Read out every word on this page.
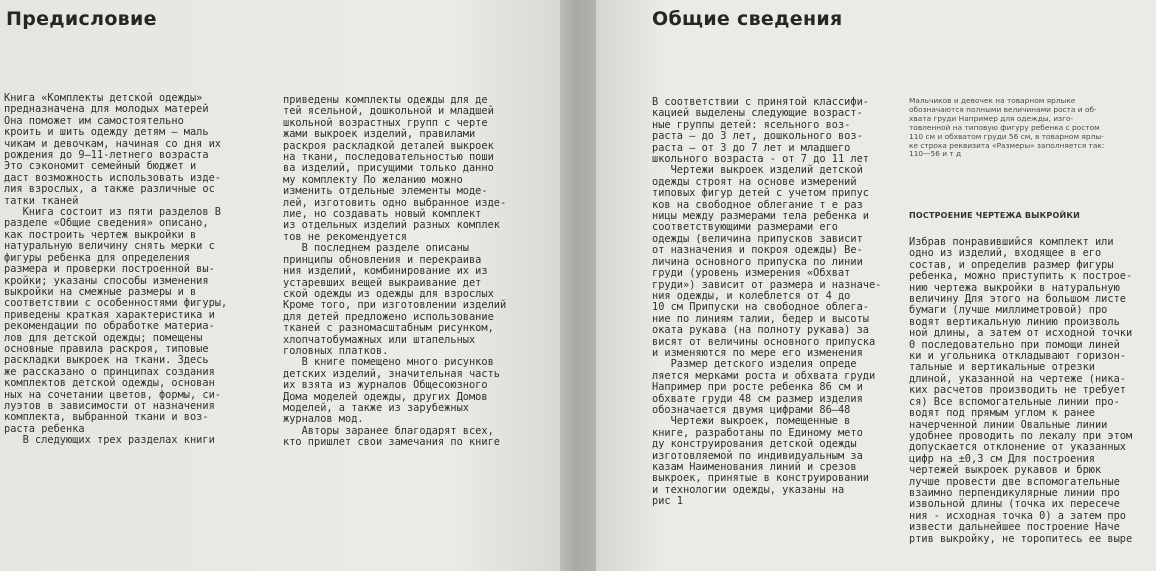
Предисловие
Книга «Комплекты детской одежды»
предназначена для молодых матерей
Она поможет им самостоятельно
кроить и шить одежду детям — маль
чикам и девочкам, начиная со дня их
рождения до 9—11-летнего возраста
Это сэкономит семейный бюджет и
даст возможность использовать изде-
лия взрослых, а также различные ос
татки тканей
Книга состоит из пяти разделов В
разделе «Общие сведения» описано,
как построить чертеж выкройки в
натуральную величину снять мерки с
фигуры ребенка для определения
размера и проверки построенной вы-
кройки; указаны способы изменения
выкройки на смежные размеры и в
соответствии с особенностями фигуры,
приведены краткая характеристика и
рекомендации по обработке материа-
лов для детской одежды; помещены
основные правила раскроя, типовые
раскладки выкроек на ткани. Здесь
же рассказано о принципах создания
комплектов детской одежды, основан
ных на сочетании цветов, формы, си-
луэтов в зависимости от назначения
комплекта, выбранной ткани и воз-
раста ребенка
В следующих трех разделах книги
приведены комплекты одежды для де
тей ясельной, дошкольной и младшей
школьной возрастных групп с черте
жами выкроек изделий, правилами
раскроя раскладкой деталей выкроек
на ткани, последовательностью поши
ва изделий, присущими только данно
му комплекту По желанию можно
изменить отдельные элементы моде-
лей, изготовить одно выбранное изде-
лие, но создавать новый комплект
из отдельных изделий разных комплек
тов не рекомендуется
В последнем разделе описаны
принципы обновления и перекраива
ния изделий, комбинирование их из
устаревших вещей выкраивание дет
ской одежды из одежды для взрослых
Кроме того, при изготовлении изделий
для детей предложено использование
тканей с разномасштабным рисунком,
хлопчатобумажных или штапельных
головных платков.
В книге помещено много рисунков
детских изделий, значительная часть
их взята из журналов Общесоюзного
Дома моделей одежды, других Домов
моделей, а также из зарубежных
журналов мод.
Авторы заранее благодарят всех,
кто пришлет свои замечания по книге
Общие сведения
В соответствии с принятой классифи-
кацией выделены следующие возраст-
ные группы детей: ясельного воз-
раста — до 3 лет, дошкольного воз-
раста — от 3 до 7 лет и младшего
школьного возраста - от 7 до 11 лет
Чертежи выкроек изделий детской
одежды строят на основе измерений
типовых фигур детей с учетом припус
ков на свободное облегание т е раз
ницы между размерами тела ребенка и
соответствующими размерами его
одежды (величина припусков зависит
от назначения и покроя одежды) Ве-
личина основного припуска по линии
груди (уровень измерения «Обхват
груди») зависит от размера и назначе-
ния одежды, и колеблется от 4 до
10 см Припуски на свободное облега-
ние по линиям талии, бедер и высоты
оката рукава (на полноту рукава) за
висят от величины основного припуска
и изменяются по мере его изменения
Размер детского изделия опреде
ляется мерками роста и обхвата груди
Например при росте ребенка 86 см и
обхвате груди 48 см размер изделия
обозначается двумя цифрами 86—48
Чертежи выкроек, помещенные в
книге, разработаны по Единому мето
ду конструирования детской одежды
изготовляемой по индивидуальным за
казам Наименования линий и срезов
выкроек, принятые в конструировании
и технологии одежды, указаны на
рис 1
Мальчиков и девочек на товарном ярлыке
обозначаются полными величинами роста и об-
хвата груди Например для одежды, изго-
товленной на типовую фигуру ребенка с ростом
110 см и обхватом груди 56 см, в товарном ярлы-
ке строка реквизита «Размеры» заполняется так:
110—56 и т д
ПОСТРОЕНИЕ ЧЕРТЕЖА ВЫКРОЙКИ
Избрав понравившийся комплект или
одно из изделий, входящее в его
состав, и определив размер фигуры
ребенка, можно приступить к построе-
нию чертежа выкройки в натуральную
величину Для этого на большом листе
бумаги (лучше миллиметровой) про
водят вертикальную линию произволь
ной длины, а затем от исходной точки
0 последовательно при помощи линей
ки и угольника откладывают горизон-
тальные и вертикальные отрезки
длиной, указанной на чертеже (ника-
ких расчетов производить не требует
ся) Все вспомогательные линии про-
водят под прямым углом к ранее
начерченной линии Овальные линии
удобнее проводить по лекалу при этом
допускается отклонение от указанных
цифр на ±0,3 см Для построения
чертежей выкроек рукавов и брюк
лучше провести две вспомогательные
взаимно перпендикулярные линии про
извольной длины (точка их пересече
ния - исходная точка 0) а затем про
извести дальнейшее построение Наче
ртив выкройку, не торопитесь ее выре
